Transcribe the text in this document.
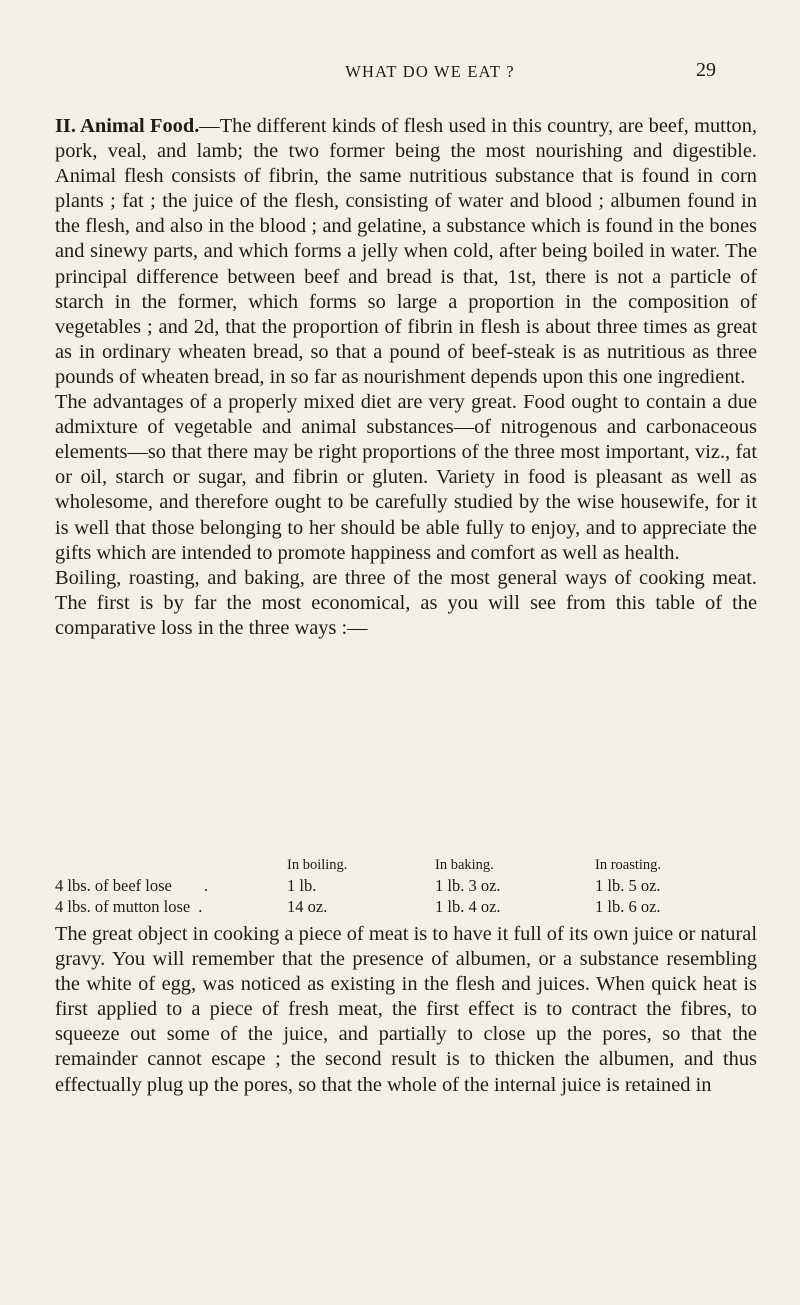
WHAT DO WE EAT ?	29

II. Animal Food.—The different kinds of flesh used in this country, are beef, mutton, pork, veal, and lamb; the two former being the most nourishing and digestible. Animal flesh consists of fibrin, the same nutritious substance that is found in corn plants ; fat ; the juice of the flesh, consisting of water and blood ; albumen found in the flesh, and also in the blood ; and gelatine, a substance which is found in the bones and sinewy parts, and which forms a jelly when cold, after being boiled in water. The principal difference between beef and bread is that, 1st, there is not a particle of starch in the former, which forms so large a proportion in the composition of vegetables ; and 2d, that the proportion of fibrin in flesh is about three times as great as in ordinary wheaten bread, so that a pound of beef-steak is as nutritious as three pounds of wheaten bread, in so far as nourishment depends upon this one ingredient.

The advantages of a properly mixed diet are very great. Food ought to contain a due admixture of vegetable and animal substances—of nitrogenous and carbonaceous elements—so that there may be right proportions of the three most important, viz., fat or oil, starch or sugar, and fibrin or gluten. Variety in food is pleasant as well as wholesome, and therefore ought to be carefully studied by the wise housewife, for it is well that those belonging to her should be able fully to enjoy, and to appreciate the gifts which are intended to promote happiness and comfort as well as health.

Boiling, roasting, and baking, are three of the most general ways of cooking meat. The first is by far the most economical, as you will see from this table of the comparative loss in the three ways :—

	In boiling.	In baking.	In roasting.
4 lbs. of beef lose .	1 lb.	1 lb. 3 oz.	1 lb. 5 oz.
4 lbs. of mutton lose .	14 oz.	1 lb. 4 oz.	1 lb. 6 oz.

The great object in cooking a piece of meat is to have it full of its own juice or natural gravy. You will remember that the presence of albumen, or a substance resembling the white of egg, was noticed as existing in the flesh and juices. When quick heat is first applied to a piece of fresh meat, the first effect is to contract the fibres, to squeeze out some of the juice, and partially to close up the pores, so that the remainder cannot escape ; the second result is to thicken the albumen, and thus effectually plug up the pores, so that the whole of the internal juice is retained in
